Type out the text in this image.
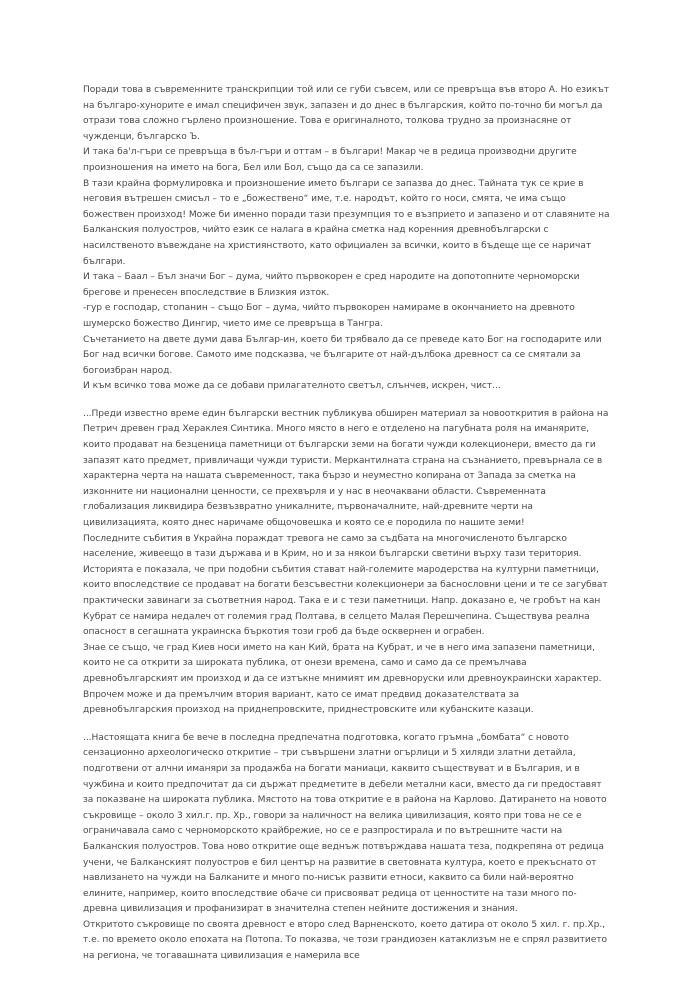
Поради това в съвременните транскрипции той или се губи съвсем, или се превръща във второ А. Но езикът на българо-хунорите е имал специфичен звук, запазен и до днес в българския, който по-точно би могъл да отрази това сложно гърлено произношение. Това е оригиналното, толкова трудно за произнасяне от чужденци, българско Ъ.

И така ба'л-гъри се превръща в бъл-гъри и оттам – в българи! Макар че в редица производни другите произношения на името на бога, Бел или Бол, също да са се запазили.

В тази крайна формулировка и произношение името българи се запазва до днес. Тайната тук се крие в неговия вътрешен смисъл – то е „божествено“ име, т.е. народът, който го носи, смята, че има също божествен произход! Може би именно поради тази презумпция то е възприето и запазено и от славяните на Балканския полуостров, чийто език се налага в крайна сметка над коренния древнобългарски с насилственото въвеждане на християнството, като официален за всички, които в бъдеще ще се наричат българи.

И така – Баал – Бъл значи Бог – дума, чийто първокорен е сред народите на допотопните черноморски брегове и пренесен впоследствие в Близкия изток.

-гур е господар, стопанин – също Бог – дума, чийто първокорен намираме в окончанието на древното шумерско божество Дингир, чието име се превръща в Тангра.

Съчетанието на двете думи дава Българ-ин, което би трябвало да се преведе като Бог на господарите или Бог над всички богове. Самото име подсказва, че българите от най-дълбока древност са се смятали за богоизбран народ.

И към всичко това може да се добави прилагателното светъл, слънчев, искрен, чист...

...Преди известно време един български вестник публикува обширен материал за новооткрития в района на Петрич древен град Хераклея Синтика. Много място в него е отделено на пагубната роля на иманярите, които продават на безценица паметници от български земи на богати чужди колекционери, вместо да ги запазят като предмет, привличащи чужди туристи. Меркантилната страна на съзнанието, превърнала се в характерна черта на нашата съвременност, така бързо и неуместно копирана от Запада за сметка на изконните ни национални ценности, се прехвърля и у нас в неочаквани области. Съвременната глобализация ликвидира безвъзвратно уникалните, първоначалните, най-древните черти на цивилизацията, която днес наричаме общочовешка и която се е породила по нашите земи!

Последните събития в Украйна пораждат тревога не само за съдбата на многочисленото българско население, живеещо в тази държава и в Крим, но и за някои български светини върху тази територия. Историята е показала, че при подобни събития стават най-големите мародерства на културни паметници, които впоследствие се продават на богати безсъвестни колекционери за баснословни цени и те се загубват практически завинаги за съответния народ. Така е и с тези паметници. Напр. доказано е, че гробът на кан Кубрат се намира недалеч от големия град Полтава, в селцето Малая Перешчепина. Съществува реална опасност в сегашната украинска бъркотия този гроб да бъде осквернен и ограбен.

Знае се също, че град Киев носи името на кан Кий, брата на Кубрат, и че в него има запазени паметници, които не са открити за широката публика, от онези времена, само и само да се премълчава древнобългарският им произход и да се изтъкне мнимият им древноруски или древноукраински характер. Впрочем може и да премълчим втория вариант, като се имат предвид доказателствата за древнобългарския произход на приднепровските, приднестровските или кубанските казаци.

...Настоящата книга бе вече в последна предпечатна подготовка, когато гръмна „бомбата“ с новото сензационно археологическо откритие – три съвършени златни огърлици и 5 хиляди златни детайла, подготвени от алчни иманяри за продажба на богати маниаци, каквито съществуват и в България, и в чужбина и които предпочитат да си държат предметите в дебели метални каси, вместо да ги предоставят за показване на широката публика. Мястото на това откритие е в района на Карлово. Датирането на новото съкровище – около 3 хил.г. пр. Хр., говори за наличност на велика цивилизация, която при това не се е ограничавала само с черноморското крайбрежие, но се е разпростирала и по вътрешните части на Балканския полуостров. Това ново откритие още веднъж потвърждава нашата теза, подкрепяна от редица учени, че Балканският полуостров е бил център на развитие в световната култура, което е прекъснато от навлизането на чужди на Балканите и много по-нисък развити етноси, каквито са били най-вероятно елините, например, които впоследствие обаче си присвояват редица от ценностите на тази много по-древна цивилизация и профанизират в значителна степен нейните достижения и знания.

Откритото съкровище по своята древност е второ след Варненското, което датира от около 5 хил. г. пр.Хр., т.е. по времето около епохата на Потопа. То показва, че този грандиозен катаклизъм не е спрял развитието на региона, че тогавашната цивилизация е намерила все
